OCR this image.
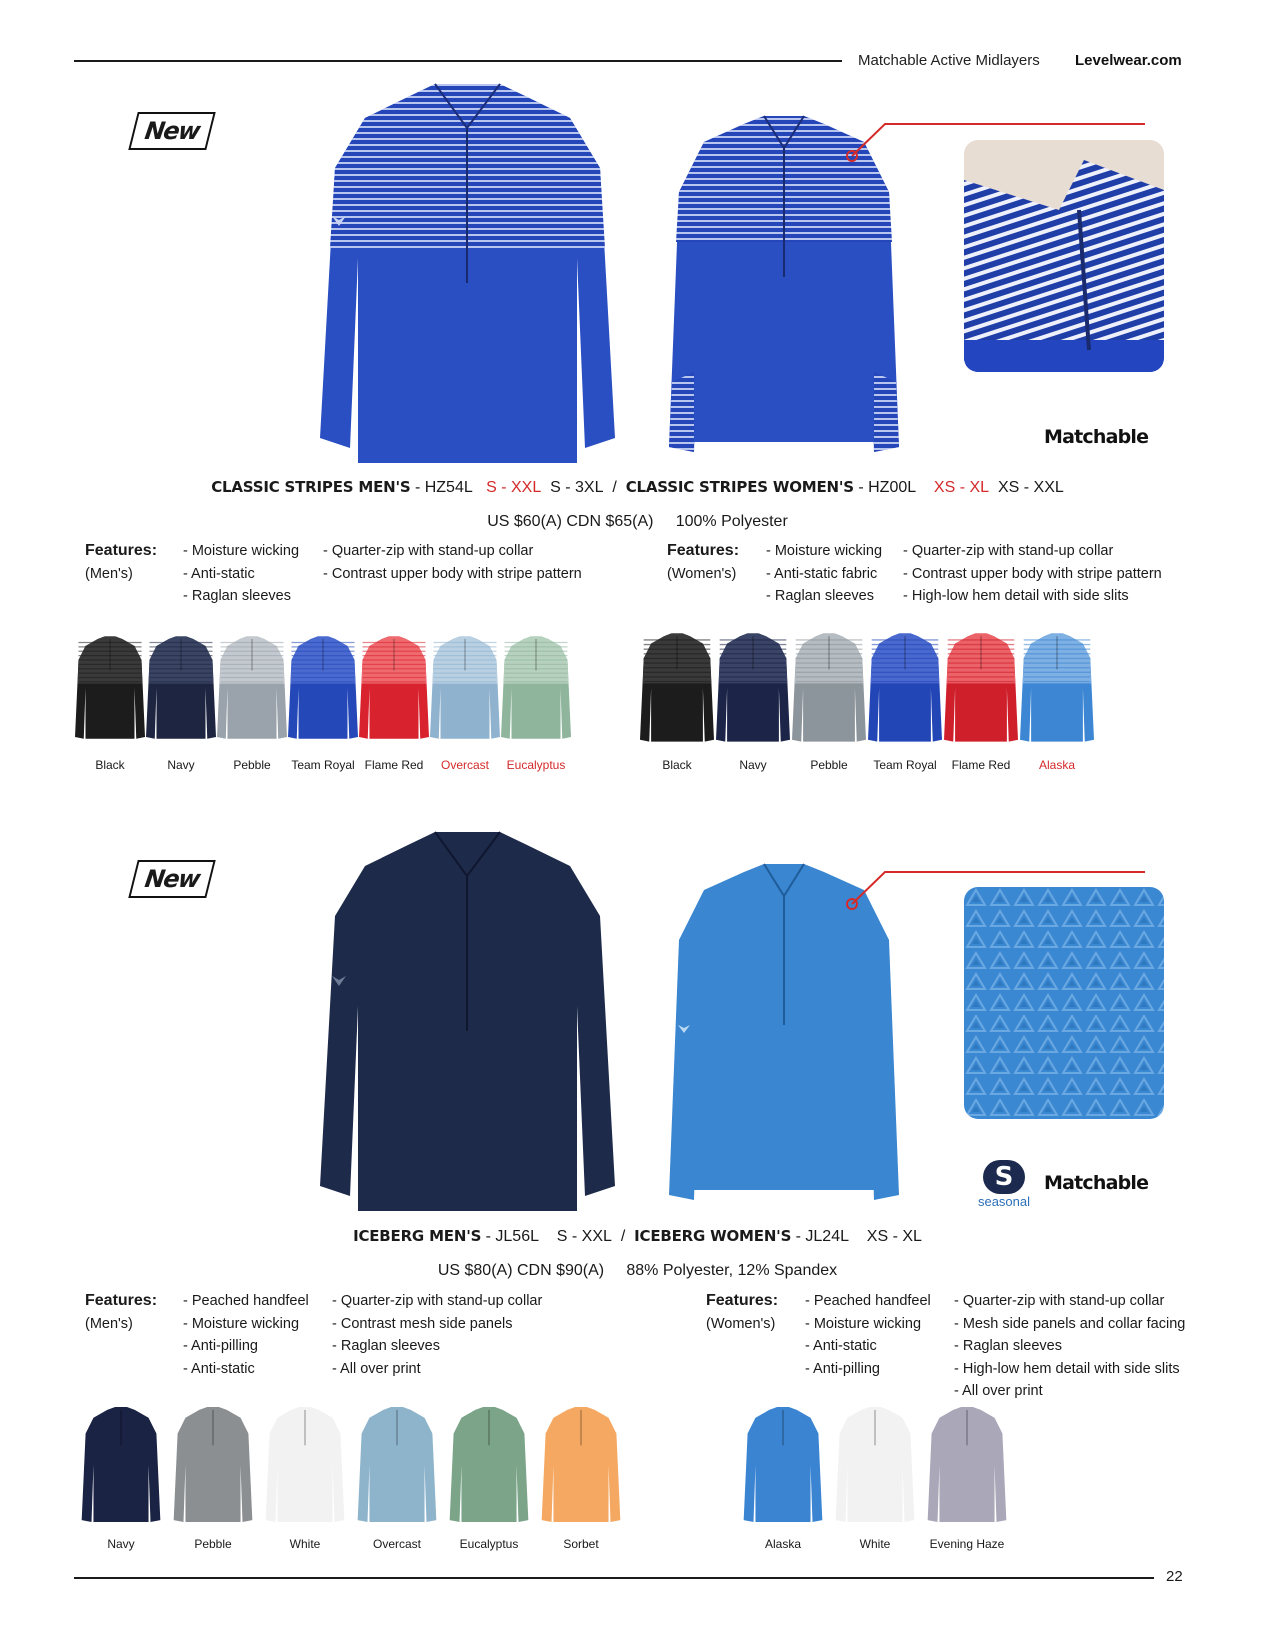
Matchable Active Midlayers Levelwear.com
New
Matchable
CLASSIC STRIPES MEN'S - HZ54L S - XXL S - 3XL / CLASSIC STRIPES WOMEN'S - HZ00L XS - XL XS - XXL
US $60(A) CDN $65(A) 100% Polyester
Features:
(Men's)
- Moisture wicking
- Anti-static
- Raglan sleeves
- Quarter-zip with stand-up collar
- Contrast upper body with stripe pattern
Features:
(Women's)
- Moisture wicking
- Anti-static fabric
- Raglan sleeves
- Quarter-zip with stand-up collar
- Contrast upper body with stripe pattern
- High-low hem detail with side slits
Black	Navy	Pebble	Team Royal Flame Red	Overcast	Eucalyptus	Black	Navy	Pebble	Team Royal	Flame Red	Alaska
New
S
seasonal
Matchable
ICEBERG MEN'S - JL56L S - XXL / ICEBERG WOMEN'S - JL24L XS - XL
US $80(A) CDN $90(A) 88% Polyester, 12% Spandex
Features:
(Men's)
- Peached handfeel
- Moisture wicking
- Anti-pilling
- Anti-static
- Quarter-zip with stand-up collar
- Contrast mesh side panels
- Raglan sleeves
- All over print
Features:
(Women's)
- Peached handfeel
- Moisture wicking
- Anti-static
- Anti-pilling
- Quarter-zip with stand-up collar
- Mesh side panels and collar facing
- Raglan sleeves
- High-low hem detail with side slits
- All over print
Navy	Pebble	White	Overcast	Eucalyptus	Sorbet	Alaska	White	Evening Haze
22
